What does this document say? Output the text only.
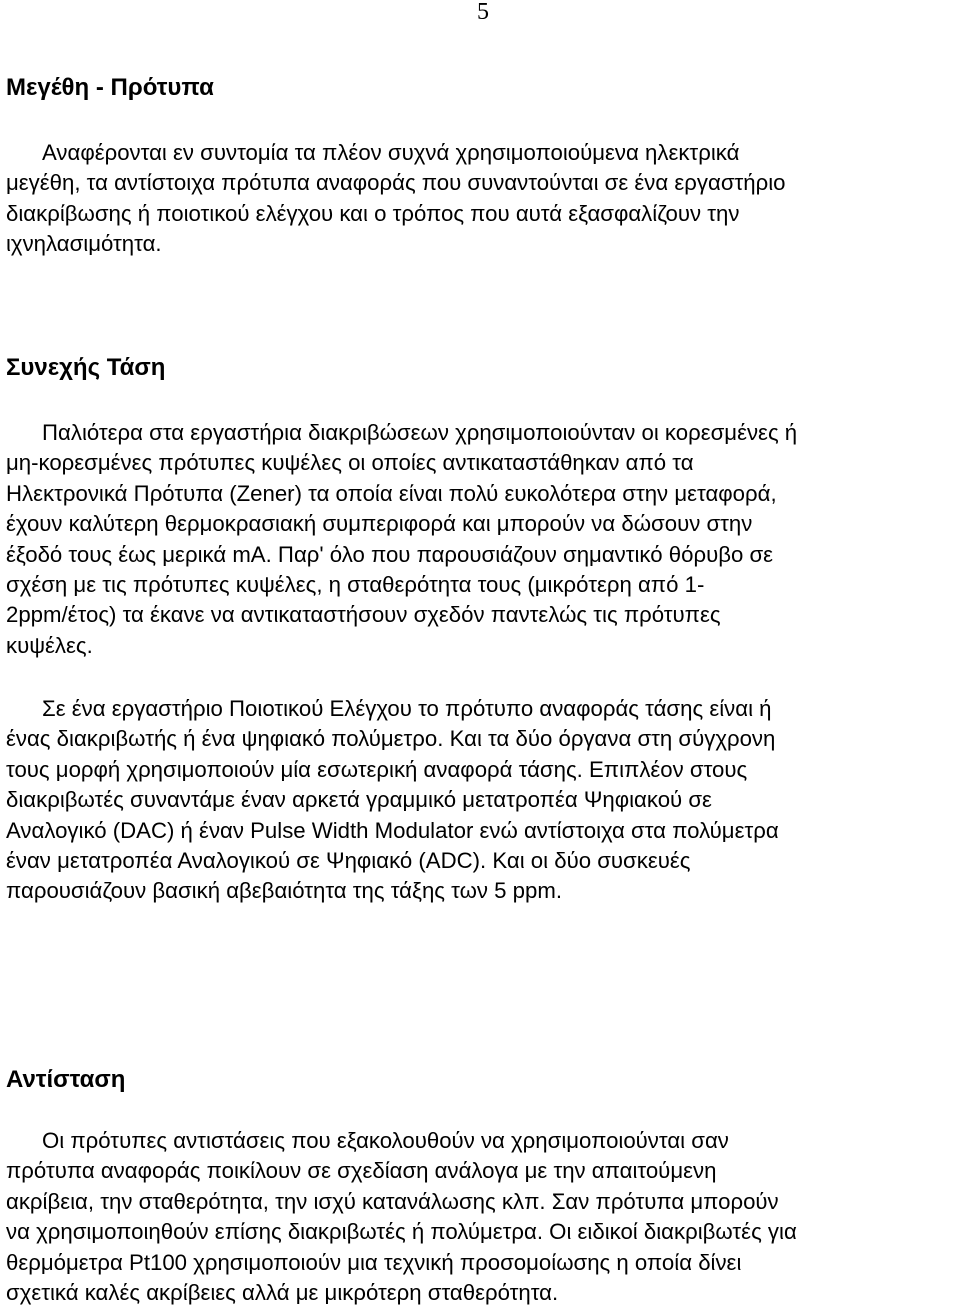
5
Μεγέθη - Πρότυπα
Αναφέρονται εν συντομία τα πλέον συχνά χρησιμοποιούμενα ηλεκτρικά
μεγέθη, τα αντίστοιχα πρότυπα αναφοράς που συναντούνται σε ένα εργαστήριο
διακρίβωσης ή ποιοτικού ελέγχου και ο τρόπος που αυτά εξασφαλίζουν την
ιχνηλασιμότητα.
Συνεχής Τάση
Παλιότερα στα εργαστήρια διακριβώσεων χρησιμοποιούνταν οι κορεσμένες ή
μη-κορεσμένες πρότυπες κυψέλες οι οποίες αντικαταστάθηκαν από τα
Ηλεκτρονικά Πρότυπα (Zener) τα οποία είναι πολύ ευκολότερα στην μεταφορά,
έχουν καλύτερη θερμοκρασιακή συμπεριφορά και μπορούν να δώσουν στην
έξοδό τους έως μερικά mA. Παρ' όλο που παρουσιάζουν σημαντικό θόρυβο σε
σχέση με τις πρότυπες κυψέλες, η σταθερότητα τους (μικρότερη από 1-
2ppm/έτος) τα έκανε να αντικαταστήσουν σχεδόν παντελώς τις πρότυπες
κυψέλες.
Σε ένα εργαστήριο Ποιοτικού Ελέγχου το πρότυπο αναφοράς τάσης είναι ή
ένας διακριβωτής ή ένα ψηφιακό πολύμετρο. Και τα δύο όργανα στη σύγχρονη
τους μορφή χρησιμοποιούν μία εσωτερική αναφορά τάσης. Επιπλέον στους
διακριβωτές συναντάμε έναν αρκετά γραμμικό μετατροπέα Ψηφιακού σε
Αναλογικό (DAC) ή έναν Pulse Width Modulator ενώ αντίστοιχα στα πολύμετρα
έναν μετατροπέα Αναλογικού σε Ψηφιακό (ADC). Και οι δύο συσκευές
παρουσιάζουν βασική αβεβαιότητα της τάξης των 5 ppm.
Αντίσταση
Οι πρότυπες αντιστάσεις που εξακολουθούν να χρησιμοποιούνται σαν
πρότυπα αναφοράς ποικίλουν σε σχεδίαση ανάλογα με την απαιτούμενη
ακρίβεια, την σταθερότητα, την ισχύ κατανάλωσης κλπ. Σαν πρότυπα μπορούν
να χρησιμοποιηθούν επίσης διακριβωτές ή πολύμετρα. Οι ειδικοί διακριβωτές για
θερμόμετρα Pt100 χρησιμοποιούν μια τεχνική προσομοίωσης η οποία δίνει
σχετικά καλές ακρίβειες αλλά με μικρότερη σταθερότητα.
